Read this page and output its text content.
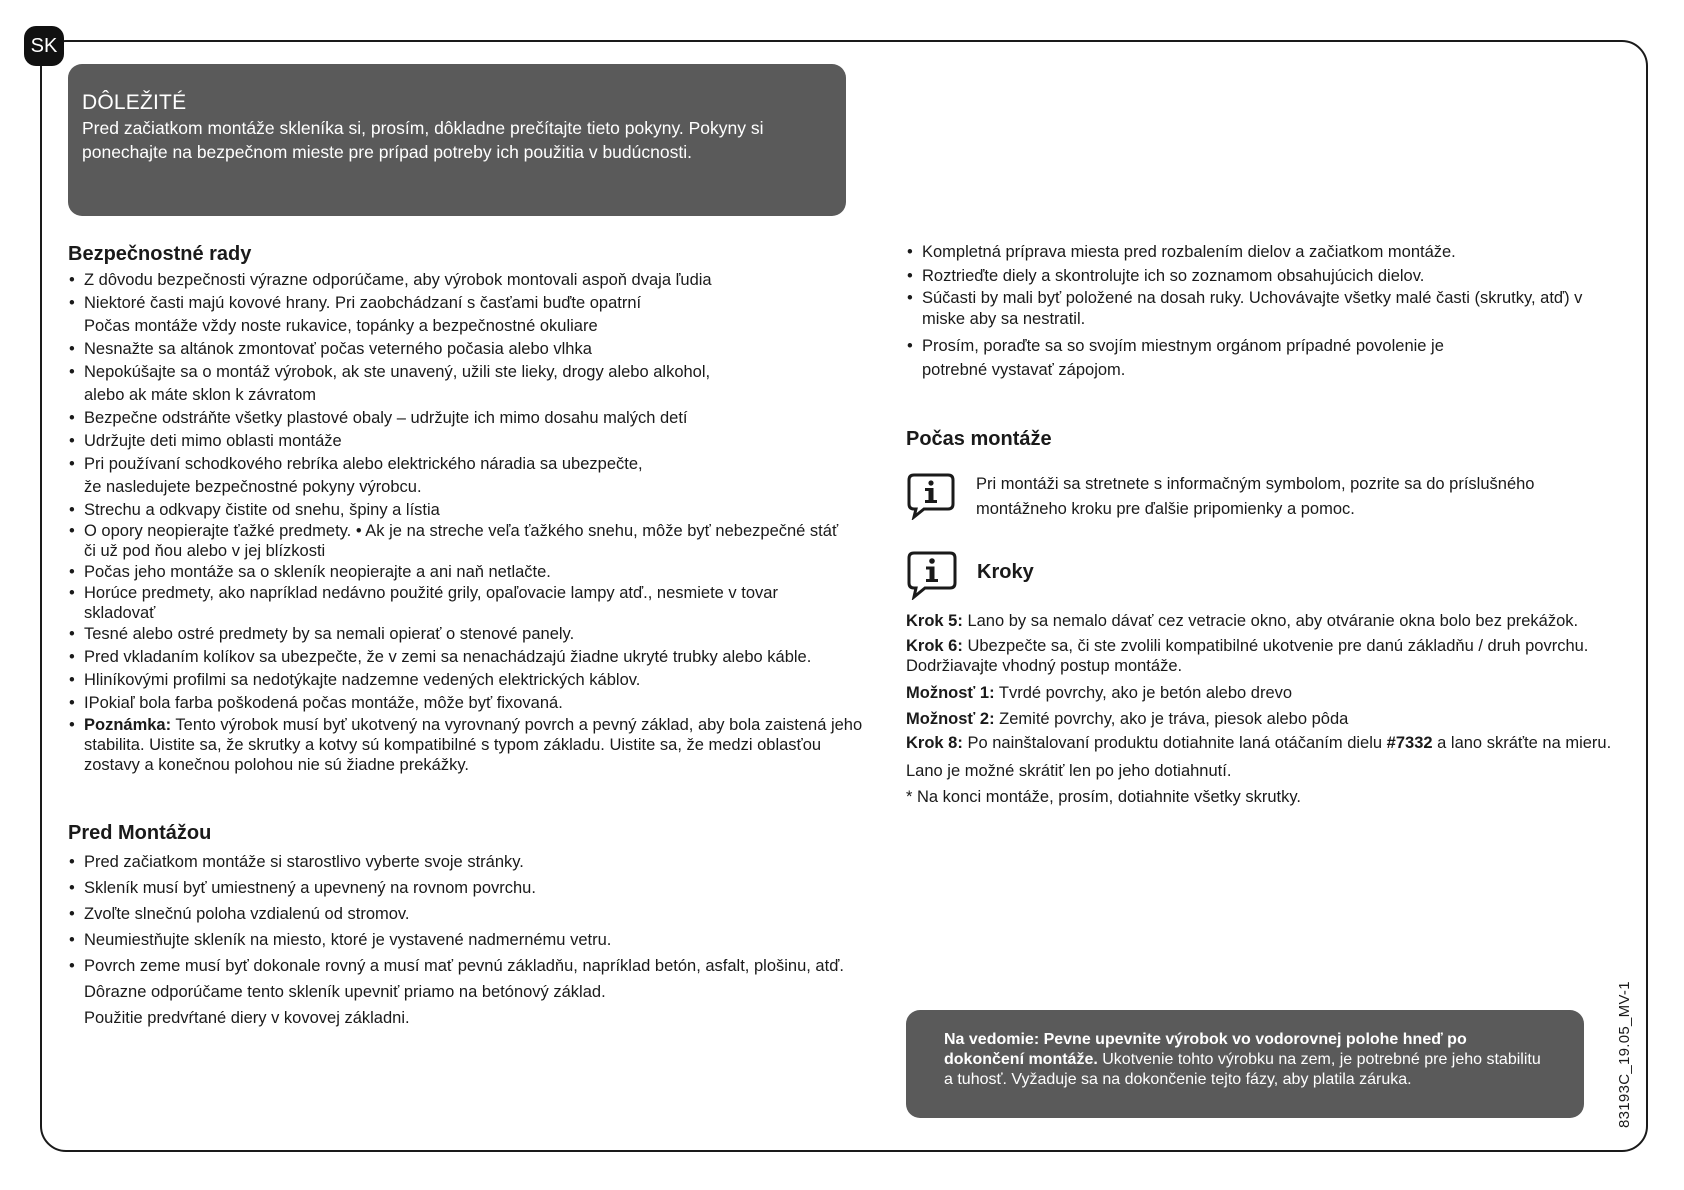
SK
DÔLEŽITÉ
Pred začiatkom montáže skleníka si, prosím, dôkladne prečítajte tieto pokyny. Pokyny si ponechajte na bezpečnom mieste pre prípad potreby ich použitia v budúcnosti.
Bezpečnostné rady
• Z dôvodu bezpečnosti výrazne odporúčame, aby výrobok montovali aspoň dvaja ľudia
• Niektoré časti majú kovové hrany. Pri zaobchádzaní s časťami buďte opatrní
Počas montáže vždy noste rukavice, topánky a bezpečnostné okuliare
• Nesnažte sa altánok zmontovať počas veterného počasia alebo vlhka
• Nepokúšajte sa o montáž výrobok, ak ste unavený, užili ste lieky, drogy alebo alkohol,
alebo ak máte sklon k závratom
• Bezpečne odstráňte všetky plastové obaly – udržujte ich mimo dosahu malých detí
• Udržujte deti mimo oblasti montáže
• Pri používaní schodkového rebríka alebo elektrického náradia sa ubezpečte,
že nasledujete bezpečnostné pokyny výrobcu.
• Strechu a odkvapy čistite od snehu, špiny a lístia
• O opory neopierajte ťažké predmety. • Ak je na streche veľa ťažkého snehu, môže byť nebezpečné stáť
či už pod ňou alebo v jej blízkosti
• Počas jeho montáže sa o skleník neopierajte a ani naň netlačte.
• Horúce predmety, ako napríklad nedávno použité grily, opaľovacie lampy atď., nesmiete v tovar
skladovať
• Tesné alebo ostré predmety by sa nemali opierať o stenové panely.
• Pred vkladaním kolíkov sa ubezpečte, že v zemi sa nenachádzajú žiadne ukryté trubky alebo káble.
• Hliníkovými profilmi sa nedotýkajte nadzemne vedených elektrických káblov.
• IPokiaľ bola farba poškodená počas montáže, môže byť fixovaná.
• Poznámka: Tento výrobok musí byť ukotvený na vyrovnaný povrch a pevný základ, aby bola zaistená jeho stabilita. Uistite sa, že skrutky a kotvy sú kompatibilné s typom základu. Uistite sa, že medzi oblasťou zostavy a konečnou polohou nie sú žiadne prekážky.
Pred Montážou
• Pred začiatkom montáže si starostlivo vyberte svoje stránky.
• Skleník musí byť umiestnený a upevnený na rovnom povrchu.
• Zvoľte slnečnú poloha vzdialenú od stromov.
• Neumiestňujte skleník na miesto, ktoré je vystavené nadmernému vetru.
• Povrch zeme musí byť dokonale rovný a musí mať pevnú základňu, napríklad betón, asfalt, plošinu, atď.
Dôrazne odporúčame tento skleník upevniť priamo na betónový základ.
Použitie predvŕtané diery v kovovej základni.
• Kompletná príprava miesta pred rozbalením dielov a začiatkom montáže.
• Roztrieďte diely a skontrolujte ich so zoznamom obsahujúcich dielov.
• Súčasti by mali byť položené na dosah ruky. Uchovávajte všetky malé časti (skrutky, atď) v miske aby sa nestratil.
• Prosím, poraďte sa so svojím miestnym orgánom prípadné povolenie je
potrebné vystavať zápojom.
Počas montáže
Pri montáži sa stretnete s informačným symbolom, pozrite sa do príslušného montážneho kroku pre ďalšie pripomienky a pomoc.
Kroky

Krok 5: Lano by sa nemalo dávať cez vetracie okno, aby otváranie okna bolo bez prekážok.

Krok 6: Ubezpečte sa, či ste zvolili kompatibilné ukotvenie pre danú základňu / druh povrchu. Dodržiavajte vhodný postup montáže.

Možnosť 1: Tvrdé povrchy, ako je betón alebo drevo

Možnosť 2: Zemité povrchy, ako je tráva, piesok alebo pôda

Krok 8: Po nainštalovaní produktu dotiahnite laná otáčaním dielu #7332 a lano skráťte na mieru.

Lano je možné skrátiť len po jeho dotiahnutí.

* Na konci montáže, prosím, dotiahnite všetky skrutky.

Na vedomie: Pevne upevnite výrobok vo vodorovnej polohe hneď po dokončení montáže. Ukotvenie tohto výrobku na zem, je potrebné pre jeho stabilitu a tuhosť. Vyžaduje sa na dokončenie tejto fázy, aby platila záruka.	83193C_19.05_MV-1
